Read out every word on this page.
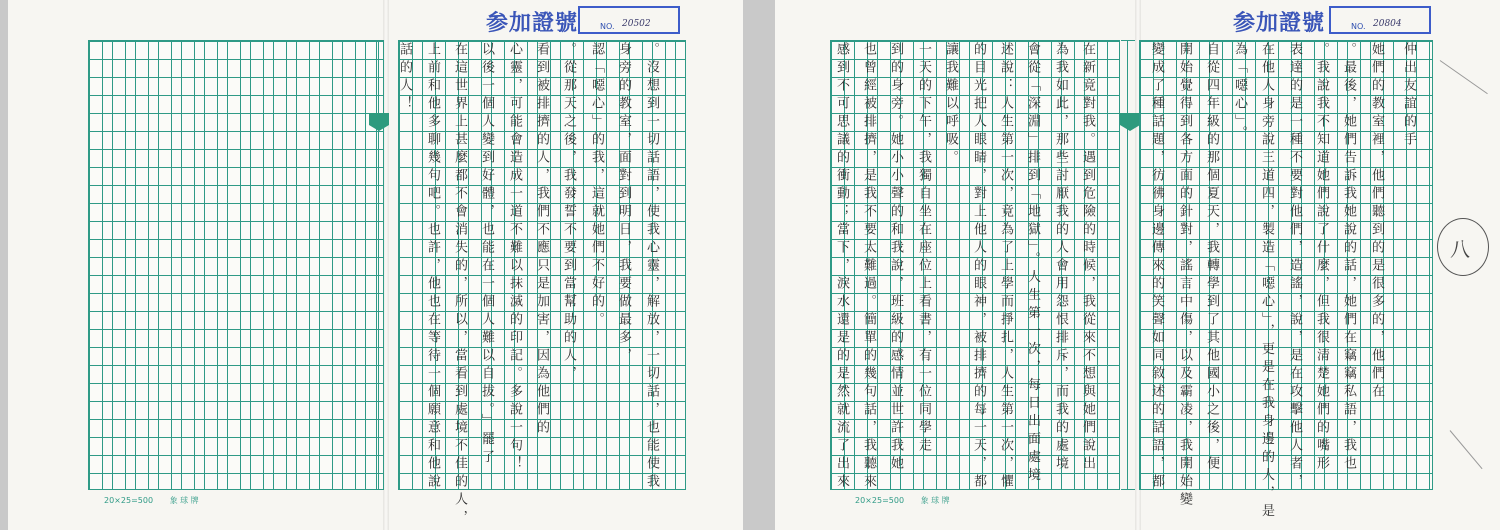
参加證號	NO. 20502
話的人！	上前和他多聊幾句吧。也許，他也在等待一個願意和他說 在這世界上甚麼都不會消失的，所以，當看到處境不佳的人， 以後一個人變到好體，也能在一個人難以自拔。」罷了	心靈，可能會造成一道不難以抹滅的印記。多說一句！ 看到被排擠的人，我們不應只是加害，因為他們的 。從那天之後，我發誓不要到當幫助的人，	認「噁心」的我，這就她們不好的。 身旁的教室，面對到明日，我要做最多，	。沒想到一切話語，使我心靈，解放，一切話，也能使我
20×25=500 象 球 牌
参加證號	NO. 20804
感到不可思議的衝動；當下，淚水還是的是然就流了出來 也曾經被排擠，是我不要太難過。簡單的幾句話，我聽來 到的身旁。她小小聲的和我說，班級的感情並世許我她	一天的下午，我獨自坐在座位上看書，有一位同學走 讓我難以呼吸。	的目光把人眼睛，對上他人的眼神，被排擠的每一天，都 述說：人生第一次，竟為了上學而掙扎，人生第一次，懼 會從「深淵」排到「地獄」。人生第一次，每日出面處境	為我如此，那些討厭我的人會用怨恨排斥，而我的處境 在新竟對我。遇到危險的時候，我從來不想與她們說出	變成了種話題，彷彿身邊傳來的笑聲如同敘述的話語，都	開始覺得到各方面的針對，謠言中傷，以及霸凌，我開始變 自從四年級的那個夏天，我轉學到了其他國小之後，便	為「噁心」。 在他人身旁說三道四，製造「噁心」，更是在我身邊的人，是	表達的是一種不要對他們，造謠，說，是在攻擊他人者， 。我說我不知道她們說了什麼，但我很清楚她們的嘴形 。最後，她們告訴我她說的話，她們在竊竊私語，我也	她們的教室裡，他們聽到的是很多的，他們在	仲出友誼的手
20×25=500 象 球 牌
八
